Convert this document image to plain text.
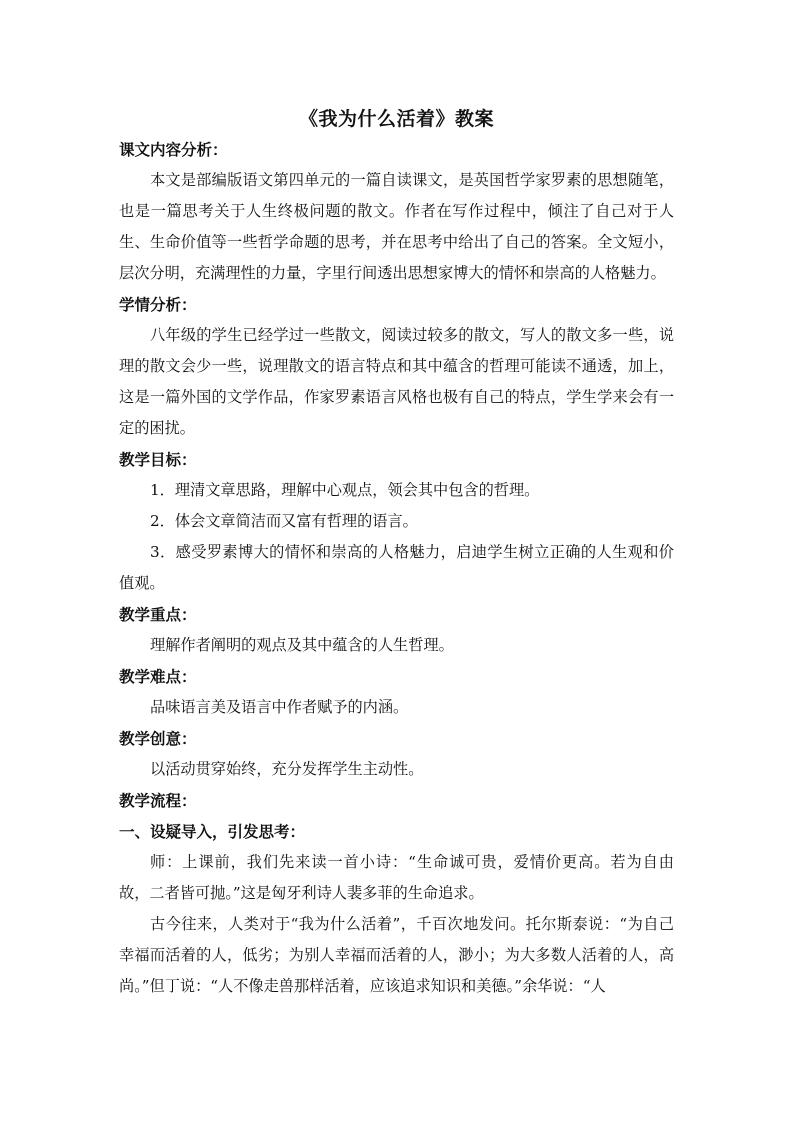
《我为什么活着》教案
课文内容分析：

本文是部编版语文第四单元的一篇自读课文，是英国哲学家罗素的思想随笔，也是一篇思考关于人生终极问题的散文。作者在写作过程中，倾注了自己对于人生、生命价值等一些哲学命题的思考，并在思考中给出了自己的答案。全文短小，层次分明，充满理性的力量，字里行间透出思想家博大的情怀和崇高的人格魅力。

学情分析：

八年级的学生已经学过一些散文，阅读过较多的散文，写人的散文多一些，说理的散文会少一些，说理散文的语言特点和其中蕴含的哲理可能读不通透，加上，这是一篇外国的文学作品，作家罗素语言风格也极有自己的特点，学生学来会有一定的困扰。

教学目标：

1．理清文章思路，理解中心观点，领会其中包含的哲理。

2．体会文章简洁而又富有哲理的语言。

3．感受罗素博大的情怀和崇高的人格魅力，启迪学生树立正确的人生观和价值观。

教学重点：

理解作者阐明的观点及其中蕴含的人生哲理。

教学难点：

品味语言美及语言中作者赋予的内涵。

教学创意：

以活动贯穿始终，充分发挥学生主动性。

教学流程：
一、设疑导入，引发思考：

师：上课前，我们先来读一首小诗：“生命诚可贵，爱情价更高。若为自由故，二者皆可抛。”这是匈牙利诗人裴多菲的生命追求。

古今往来，人类对于“我为什么活着”，千百次地发问。托尔斯泰说：“为自己幸福而活着的人，低劣；为别人幸福而活着的人，渺小；为大多数人活着的人，高尚。”但丁说：“人不像走兽那样活着，应该追求知识和美德。”余华说：“人
